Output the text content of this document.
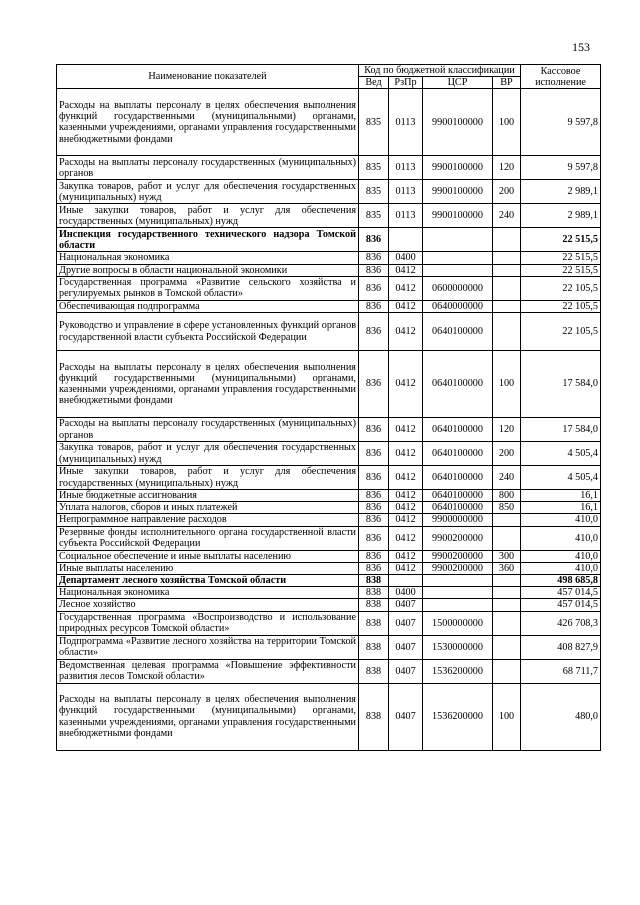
153
Наименование показателей	Код по бюджетной классификации				Кассовое исполнение
	Вед	РзПр	ЦСР	ВР	
Расходы на выплаты персоналу в целях обеспечения выполнения функций государственными (муниципальными) органами, казенными учреждениями, органами управления государственными внебюджетными фондами	835	0113	9900100000	100	9 597,8
Расходы на выплаты персоналу государственных (муниципальных) органов	835	0113	9900100000	120	9 597,8
Закупка товаров, работ и услуг для обеспечения государственных (муниципальных) нужд	835	0113	9900100000	200	2 989,1
Иные закупки товаров, работ и услуг для обеспечения государственных (муниципальных) нужд	835	0113	9900100000	240	2 989,1
Инспекция государственного технического надзора Томской области	836				22 515,5
Национальная экономика	836	0400			22 515,5
Другие вопросы в области национальной экономики	836	0412			22 515,5
Государственная программа «Развитие сельского хозяйства и регулируемых рынков в Томской области»	836	0412	0600000000		22 105,5
Обеспечивающая подпрограмма	836	0412	0640000000		22 105,5
Руководство и управление в сфере установленных функций органов государственной власти субъекта Российской Федерации	836	0412	0640100000		22 105,5
Расходы на выплаты персоналу в целях обеспечения выполнения функций государственными (муниципальными) органами, казенными учреждениями, органами управления государственными внебюджетными фондами	836	0412	0640100000	100	17 584,0
Расходы на выплаты персоналу государственных (муниципальных) органов	836	0412	0640100000	120	17 584,0
Закупка товаров, работ и услуг для обеспечения государственных (муниципальных) нужд	836	0412	0640100000	200	4 505,4
Иные закупки товаров, работ и услуг для обеспечения государственных (муниципальных) нужд	836	0412	0640100000	240	4 505,4
Иные бюджетные ассигнования	836	0412	0640100000	800	16,1
Уплата налогов, сборов и иных платежей	836	0412	0640100000	850	16,1
Непрограммное направление расходов	836	0412	9900000000		410,0
Резервные фонды исполнительного органа государственной власти субъекта Российской Федерации	836	0412	9900200000		410,0
Социальное обеспечение и иные выплаты населению	836	0412	9900200000	300	410,0
Иные выплаты населению	836	0412	9900200000	360	410,0
Департамент лесного хозяйства Томской области	838				498 685,8
Национальная экономика	838	0400			457 014,5
Лесное хозяйство	838	0407			457 014,5
Государственная программа «Воспроизводство и использование природных ресурсов Томской области»	838	0407	1500000000		426 708,3
Подпрограмма «Развитие лесного хозяйства на территории Томской области»	838	0407	1530000000		408 827,9
Ведомственная целевая программа «Повышение эффективности развития лесов Томской области»	838	0407	1536200000		68 711,7
Расходы на выплаты персоналу в целях обеспечения выполнения функций государственными (муниципальными) органами, казенными учреждениями, органами управления государственными внебюджетными фондами	838	0407	1536200000	100	480,0
